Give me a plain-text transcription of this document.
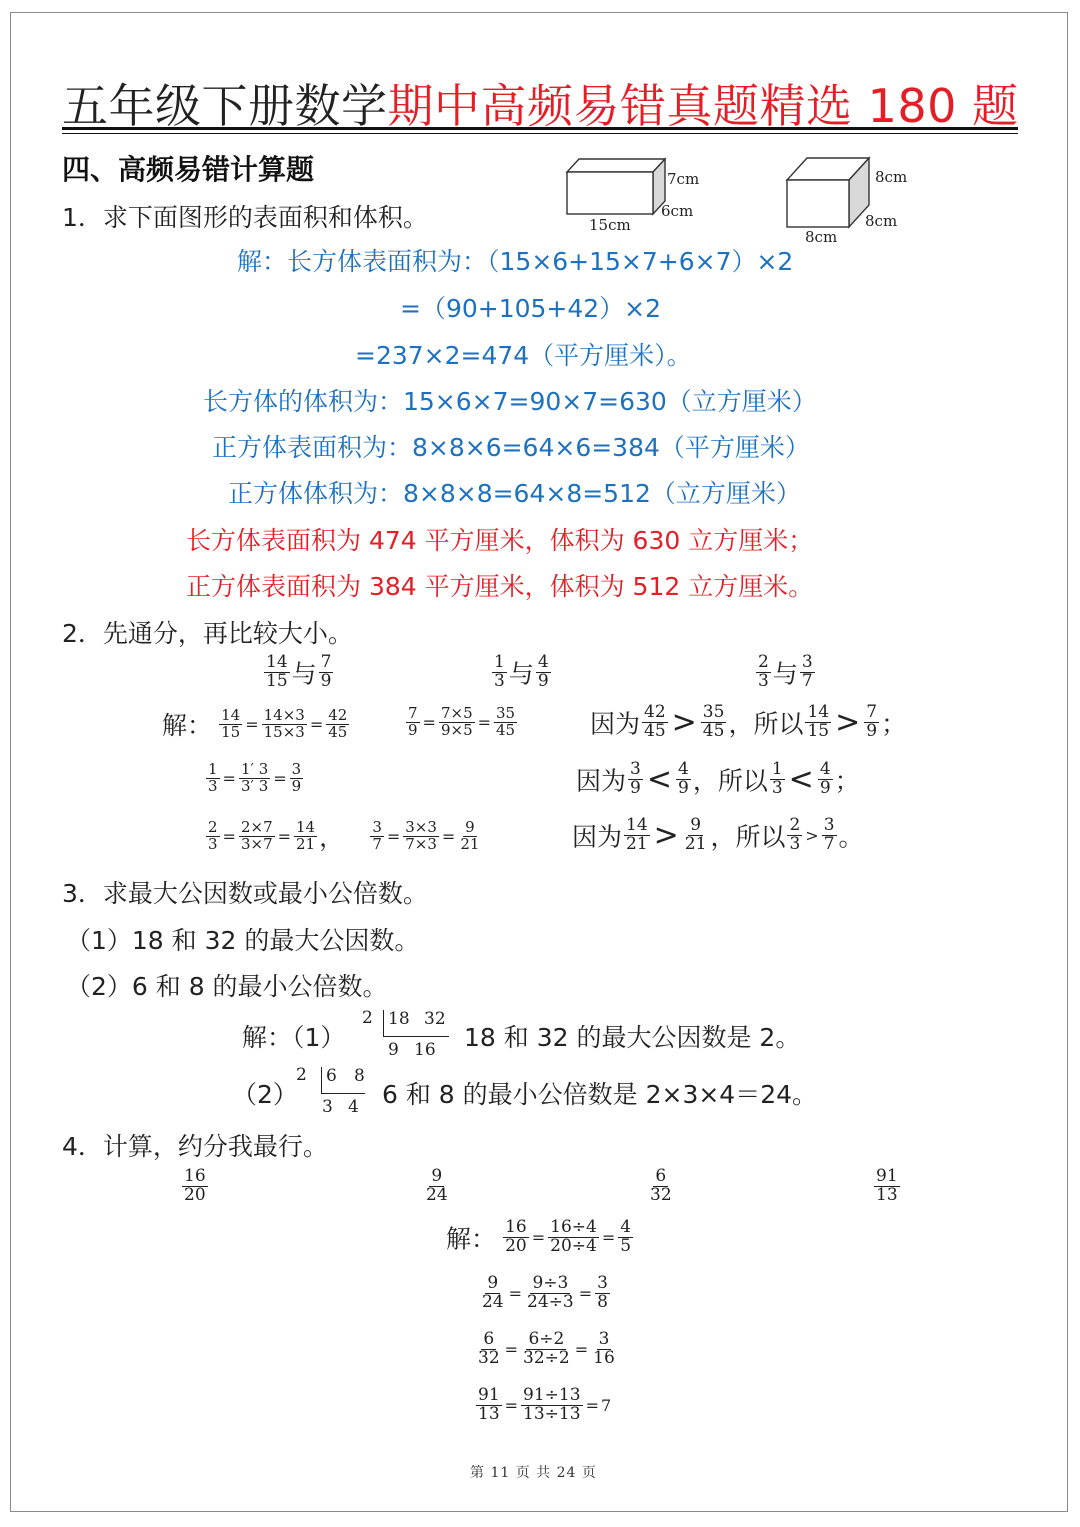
五年级下册数学期中高频易错真题精选 180 题
四、高频易错计算题
1．求下面图形的表面积和体积。
7cm
6cm
15cm
8cm
8cm
8cm
解：长方体表面积为：（15×6+15×7+6×7）×2
=（90+105+42）×2
=237×2=474（平方厘米）。
长方体的体积为：15×6×7=90×7=630（立方厘米）
正方体表面积为：8×8×6=64×6=384（平方厘米）
正方体体积为：8×8×8=64×8=512（立方厘米）
长方体表面积为 474 平方厘米，体积为 630 立方厘米；
正方体表面积为 384 平方厘米，体积为 512 立方厘米。
2．先通分，再比较大小。
$\frac{14}{15}$ 与 $\frac{7}{9}$	$\frac{1}{3}$ 与 $\frac{4}{9}$	$\frac{2}{3}$ 与 $\frac{3}{7}$
解： $\frac{14}{15} = \frac{14\times 3}{15\times 3} = \frac{42}{45}$	$\frac{7}{9} = \frac{7\times 5}{9\times 5} = \frac{35}{45}$
$\frac{1}{3} = \frac{1' 3}{3' 3} = \frac{3}{9}$
$\frac{2}{3} = \frac{2\times 7}{3\times 7} = \frac{14}{21}$ ， $\frac{3}{7} = \frac{3\times 3}{7\times 3} = \frac{9}{21}$
因为 $\frac{42}{45} > \frac{35}{45}$ ，所以 $\frac{14}{15} > \frac{7}{9}$ ；
因为 $\frac{3}{9} < \frac{4}{9}$ ，所以 $\frac{1}{3} < \frac{4}{9}$ ；
因为 $\frac{14}{21} > \frac{9}{21}$ ，所以 $\frac{2}{3} > \frac{3}{7}$ 。
3．求最大公因数或最小公倍数。
（1）18 和 32 的最大公因数。
（2）6 和 8 的最小公倍数。
解：（1）
2 18 32
9 16 18 和 32 的最大公因数是 2。
（2）
2 6 8
3 4 6 和 8 的最小公倍数是 2×3×4＝24。
4．计算，约分我最行。
$\frac{16}{20}$	$\frac{9}{24}$	$\frac{6}{32}$	$\frac{91}{13}$
解： $\frac{16}{20} = \frac{16\div 4}{20\div 4} = \frac{4}{5}$
$\frac{9}{24} = \frac{9\div 3}{24\div 3} = \frac{3}{8}$
$\frac{6}{32} = \frac{6\div 2}{32\div 2} = \frac{3}{16}$
$\frac{91}{13} = \frac{91\div 13}{13\div 13} = 7$
第 11 页 共 24 页
